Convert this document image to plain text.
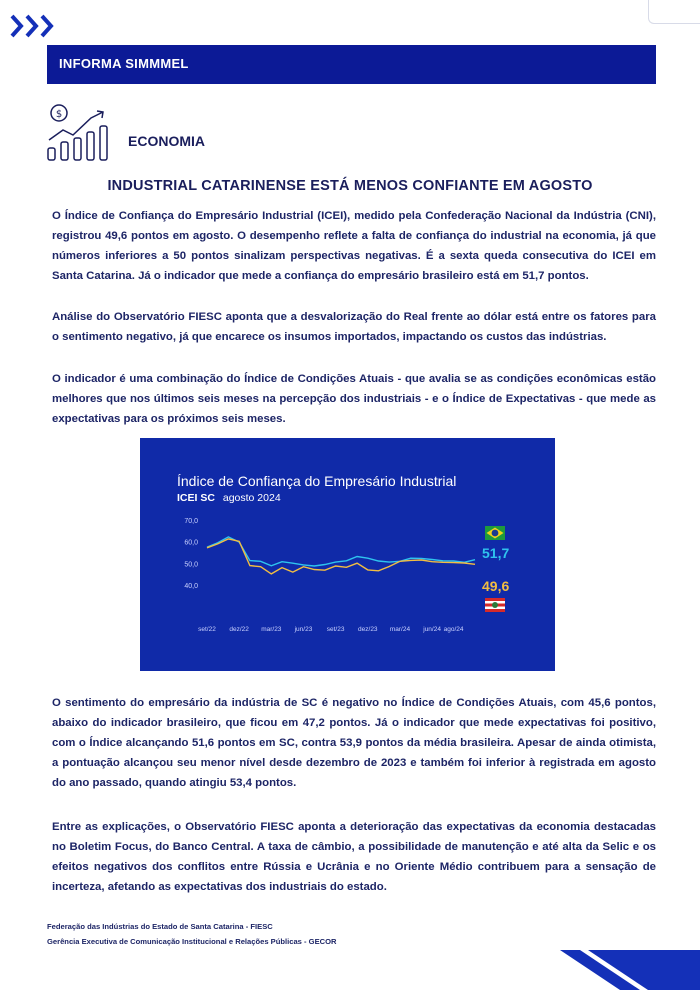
INFORMA SIMMMEL
$
ECONOMIA
INDUSTRIAL CATARINENSE ESTÁ MENOS CONFIANTE EM AGOSTO

O Índice de Confiança do Empresário Industrial (ICEI), medido pela Confederação Nacional da Indústria (CNI), registrou 49,6 pontos em agosto. O desempenho reflete a falta de confiança do industrial na economia, já que números inferiores a 50 pontos sinalizam perspectivas negativas. É a sexta queda consecutiva do ICEI em Santa Catarina. Já o indicador que mede a confiança do empresário brasileiro está em 51,7 pontos.

Análise do Observatório FIESC aponta que a desvalorização do Real frente ao dólar está entre os fatores para o sentimento negativo, já que encarece os insumos importados, impactando os custos das indústrias.

O indicador é uma combinação do Índice de Condições Atuais - que avalia se as condições econômicas estão melhores que nos últimos seis meses na percepção dos industriais - e o Índice de Expectativas - que mede as expectativas para os próximos seis meses.

Índice de Confiança do Empresário Industrial
ICEI SC agosto 2024
70,0
60,0
50,0
40,0
set/22 dez/22 mar/23 jun/23 set/23 dez/23 mar/24 jun/24 ago/24
51,7
49,6

O sentimento do empresário da indústria de SC é negativo no Índice de Condições Atuais, com 45,6 pontos, abaixo do indicador brasileiro, que ficou em 47,2 pontos. Já o indicador que mede expectativas foi positivo, com o Índice alcançando 51,6 pontos em SC, contra 53,9 pontos da média brasileira. Apesar de ainda otimista, a pontuação alcançou seu menor nível desde dezembro de 2023 e também foi inferior à registrada em agosto do ano passado, quando atingiu 53,4 pontos.

Entre as explicações, o Observatório FIESC aponta a deterioração das expectativas da economia destacadas no Boletim Focus, do Banco Central. A taxa de câmbio, a possibilidade de manutenção e até alta da Selic e os efeitos negativos dos conflitos entre Rússia e Ucrânia e no Oriente Médio contribuem para a sensação de incerteza, afetando as expectativas dos industriais do estado.

Federação das Indústrias do Estado de Santa Catarina - FIESC
Gerência Executiva de Comunicação Institucional e Relações Públicas - GECOR
